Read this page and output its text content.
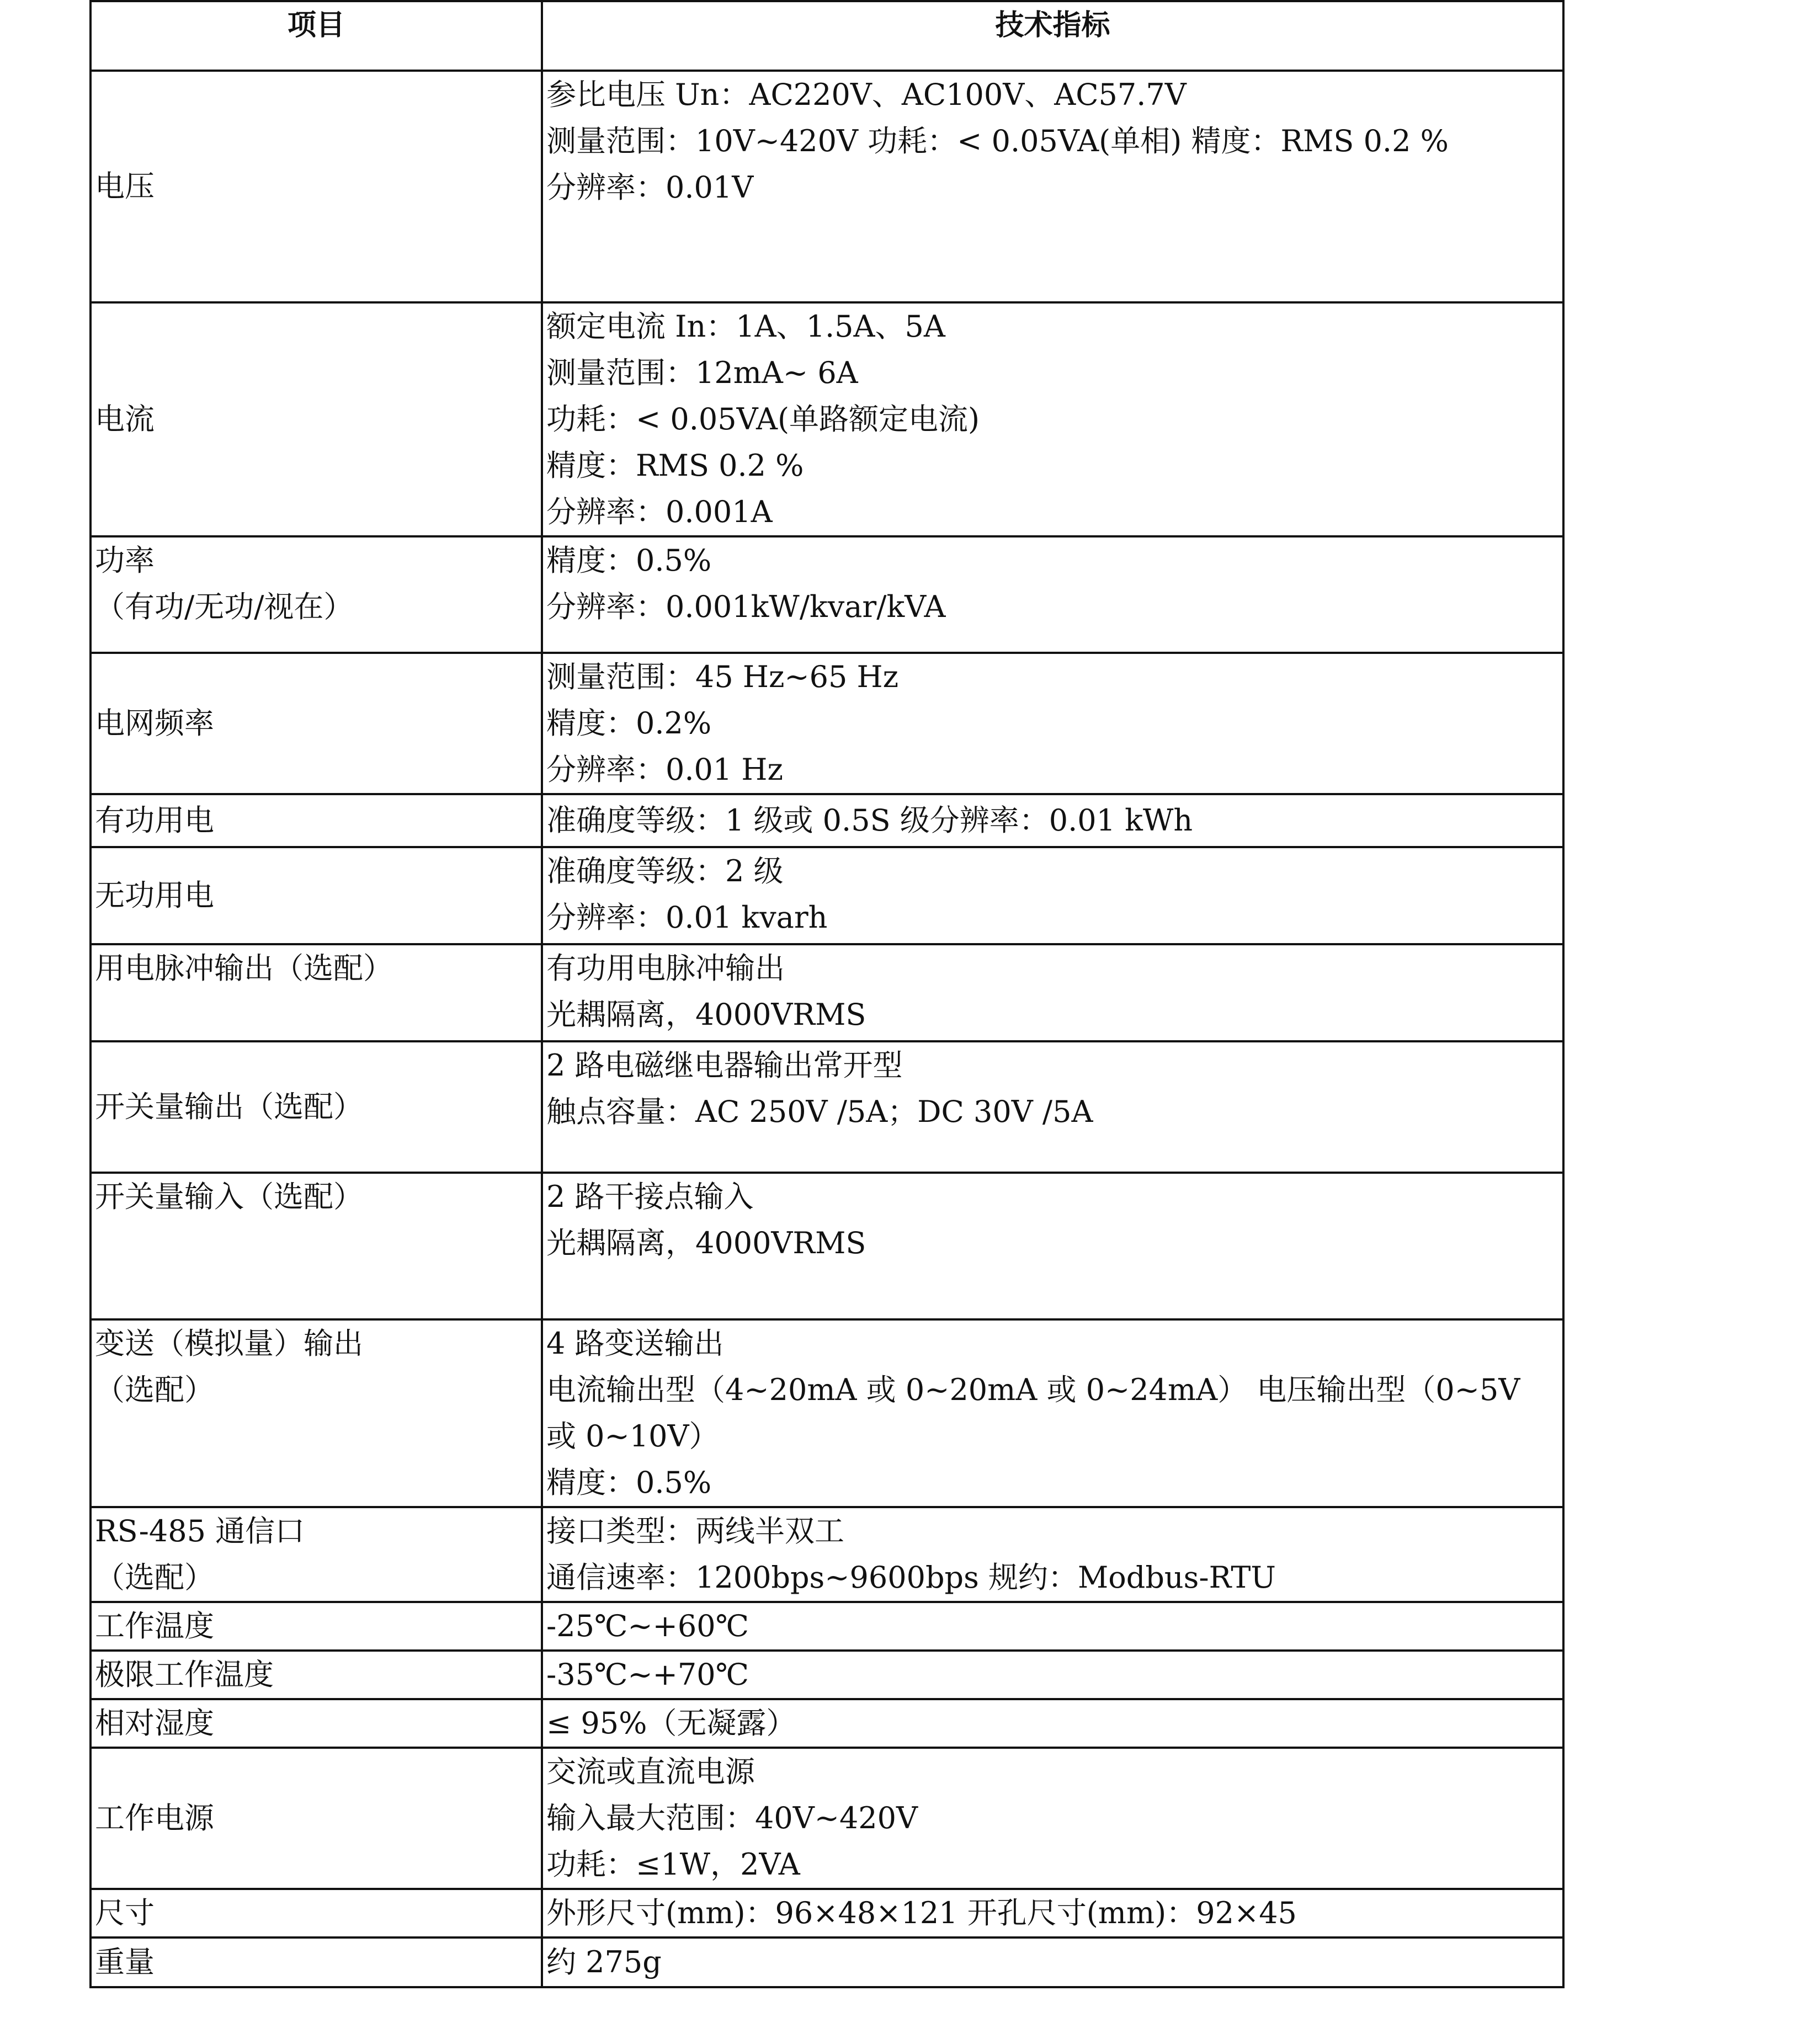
项目	技术指标

电压	参比电压 Un：AC220V、AC100V、AC57.7V
测量范围：10V~420V 功耗：< 0.05VA(单相) 精度：RMS 0.2 %
分辨率：0.01V

电流	额定电流 In：1A、1.5A、5A
测量范围：12mA~ 6A
功耗：< 0.05VA(单路额定电流)
精度：RMS 0.2 %
分辨率：0.001A

功率
（有功/无功/视在）	精度：0.5%
分辨率：0.001kW/kvar/kVA

电网频率	测量范围：45 Hz~65 Hz
精度：0.2%
分辨率：0.01 Hz

有功用电	准确度等级：1 级或 0.5S 级分辨率：0.01 kWh

无功用电	准确度等级：2 级
分辨率：0.01 kvarh

用电脉冲输出（选配）	有功用电脉冲输出
光耦隔离，4000VRMS

开关量输出（选配）	2 路电磁继电器输出常开型
触点容量：AC 250V /5A；DC 30V /5A

开关量输入（选配）	2 路干接点输入
光耦隔离，4000VRMS

变送（模拟量）输出
（选配）	4 路变送输出
电流输出型（4~20mA 或 0~20mA 或 0~24mA） 电压输出型（0~5V
或 0~10V）
精度：0.5%

RS-485 通信口
（选配）	接口类型：两线半双工
通信速率：1200bps~9600bps 规约：Modbus-RTU

工作温度	-25℃~+60℃

极限工作温度	-35℃~+70℃

相对湿度	≤ 95%（无凝露）

工作电源	交流或直流电源
输入最大范围：40V~420V
功耗：≤1W，2VA

尺寸	外形尺寸(mm)：96×48×121 开孔尺寸(mm)：92×45

重量	约 275g
